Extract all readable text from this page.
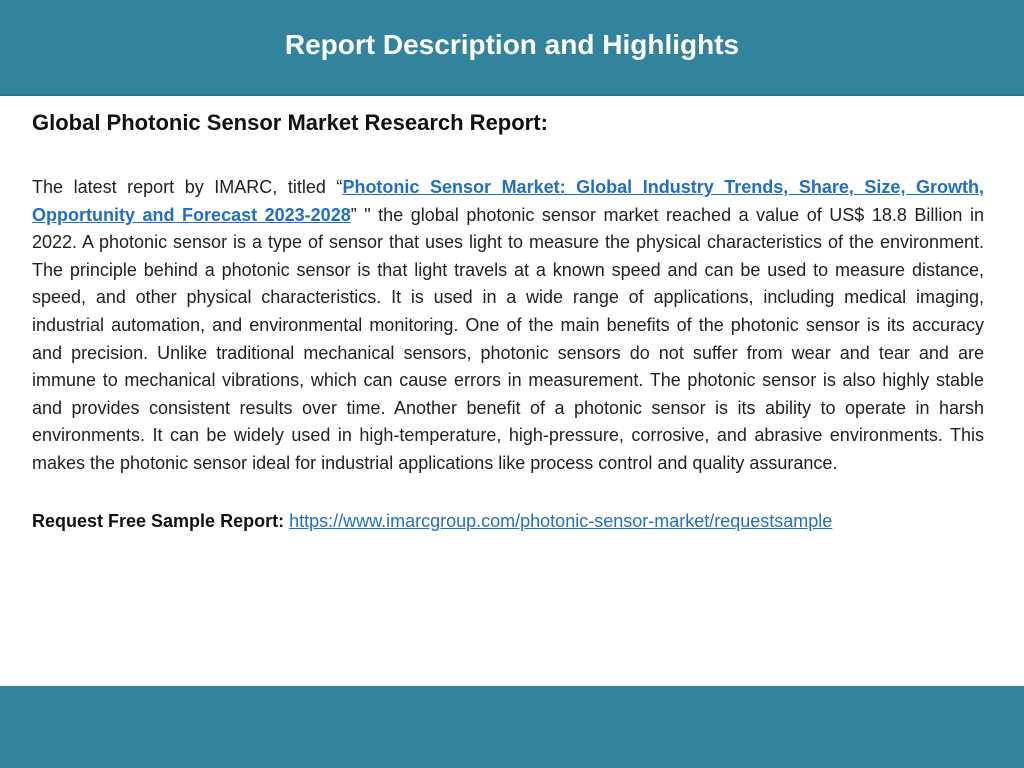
Report Description and Highlights
Global Photonic Sensor Market Research Report:

The latest report by IMARC, titled “Photonic Sensor Market: Global Industry Trends, Share, Size, Growth, Opportunity and Forecast 2023-2028” " the global photonic sensor market reached a value of US$ 18.8 Billion in 2022. A photonic sensor is a type of sensor that uses light to measure the physical characteristics of the environment. The principle behind a photonic sensor is that light travels at a known speed and can be used to measure distance, speed, and other physical characteristics. It is used in a wide range of applications, including medical imaging, industrial automation, and environmental monitoring. One of the main benefits of the photonic sensor is its accuracy and precision. Unlike traditional mechanical sensors, photonic sensors do not suffer from wear and tear and are immune to mechanical vibrations, which can cause errors in measurement. The photonic sensor is also highly stable and provides consistent results over time. Another benefit of a photonic sensor is its ability to operate in harsh environments. It can be widely used in high-temperature, high-pressure, corrosive, and abrasive environments. This makes the photonic sensor ideal for industrial applications like process control and quality assurance.

Request Free Sample Report: https://www.imarcgroup.com/photonic-sensor-market/requestsample
